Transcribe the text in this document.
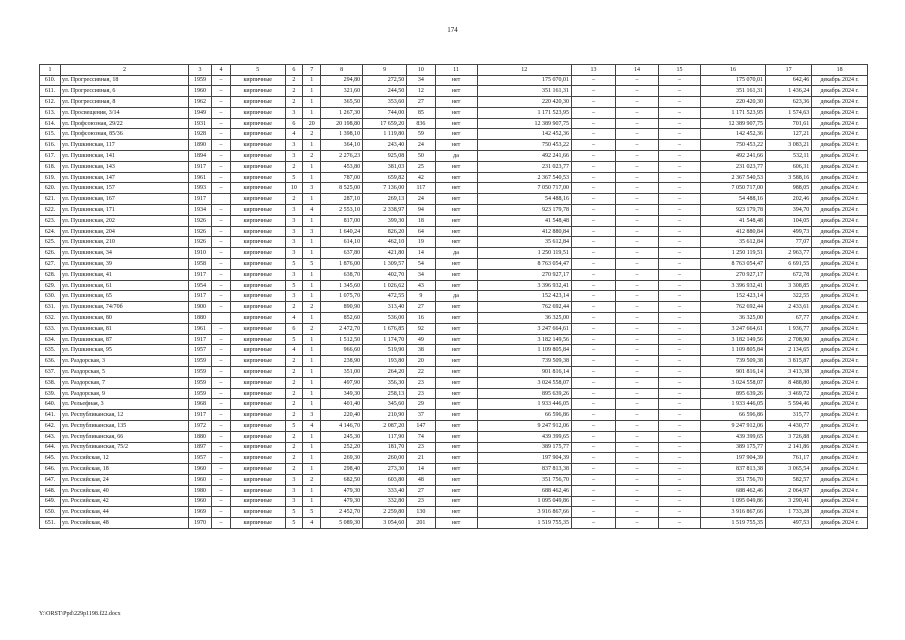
174
1	2	3	4	5	6	7	8	9	10	11	12	13	14	15	16	17	18
610.	ул. Прогрессивная, 18	1959	–	кирпичные	2	1	294,80	272,50	34	нет	175 070,01	–	–	–	175 070,01	642,46	декабрь 2024 г.
611.	ул. Прогрессивная, 6	1960	–	кирпичные	2	1	321,60	244,50	12	нет	351 161,31	–	–	–	351 161,31	1 436,24	декабрь 2024 г.
612.	ул. Прогрессивная, 8	1962	–	кирпичные	2	1	365,50	353,60	27	нет	220 420,30	–	–	–	220 420,30	623,36	декабрь 2024 г.
613.	ул. Просвещения, 3/14	1949	–	кирпичные	3	1	1 267,30	744,00	85	нет	1 171 523,95	–	–	–	1 171 523,95	1 574,63	декабрь 2024 г.
614.	ул. Профсоюзная, 29/22	1931	–	кирпичные	6	20	20 198,80	17 659,20	836	нет	12 389 907,75	–	–	–	12 389 907,75	701,61	декабрь 2024 г.
615.	ул. Профсоюзная, 85/36	1928	–	кирпичные	4	2	1 398,10	1 119,80	59	нет	142 452,36	–	–	–	142 452,36	127,21	декабрь 2024 г.
616.	ул. Пушкинская, 117	1890	–	кирпичные	3	1	364,10	243,40	24	нет	750 453,22	–	–	–	750 453,22	3 083,21	декабрь 2024 г.
617.	ул. Пушкинская, 141	1894	–	кирпичные	3	2	2 276,23	925,08	50	да	492 241,66	–	–	–	492 241,66	532,11	декабрь 2024 г.
618.	ул. Пушкинская, 143	1917	–	кирпичные	2	1	453,80	381,03	25	нет	231 023,77	–	–	–	231 023,77	606,31	декабрь 2024 г.
619.	ул. Пушкинская, 147	1961	–	кирпичные	5	1	787,00	659,82	42	нет	2 367 540,53	–	–	–	2 367 540,53	3 588,16	декабрь 2024 г.
620.	ул. Пушкинская, 157	1993	–	кирпичные	10	3	8 525,00	7 136,00	117	нет	7 050 717,00	–	–	–	7 050 717,00	988,05	декабрь 2024 г.
621.	ул. Пушкинская, 167	1917		кирпичные	2	1	287,10	269,13	24	нет	54 488,16	–	–	–	54 488,16	202,46	декабрь 2024 г.
622.	ул. Пушкинская, 171	1934	–	кирпичные	3	4	2 553,10	2 338,97	94	нет	923 179,78	–	–	–	923 179,78	394,70	декабрь 2024 г.
623.	ул. Пушкинская, 202	1926	–	кирпичные	3	1	817,00	399,30	18	нет	41 548,48	–	–	–	41 548,48	104,05	декабрь 2024 г.
624.	ул. Пушкинская, 204	1926	–	кирпичные	3	3	1 640,24	826,20	64	нет	412 880,84	–	–	–	412 880,84	499,73	декабрь 2024 г.
625.	ул. Пушкинская, 210	1926	–	кирпичные	3	1	614,10	462,10	19	нет	35 612,84	–	–	–	35 612,84	77,07	декабрь 2024 г.
626.	ул. Пушкинская, 34	1910	–	кирпичные	3	1	637,80	421,80	14	да	1 250 119,51	–	–	–	1 250 119,51	2 963,77	декабрь 2024 г.
627.	ул. Пушкинская, 39	1958	–	кирпичные	5	5	1 876,00	1 309,57	54	нет	8 763 054,47	–	–	–	8 763 054,47	6 691,55	декабрь 2024 г.
628.	ул. Пушкинская, 41	1917	–	кирпичные	3	1	638,70	402,70	34	нет	270 927,17	–	–	–	270 927,17	672,78	декабрь 2024 г.
629.	ул. Пушкинская, 61	1954	–	кирпичные	5	1	1 345,60	1 026,62	43	нет	3 396 932,41	–	–	–	3 396 932,41	3 308,85	декабрь 2024 г.
630.	ул. Пушкинская, 65	1917	–	кирпичные	3	1	1 075,70	472,55	9	да	152 423,14	–	–	–	152 423,14	322,55	декабрь 2024 г.
631.	ул. Пушкинская, 74/70б	1900	–	кирпичные	2	2	890,90	313,40	27	нет	762 692,44	–	–	–	762 692,44	2 433,61	декабрь 2024 г.
632.	ул. Пушкинская, 80	1880		кирпичные	4	1	852,60	536,00	16	нет	36 325,00	–	–	–	36 325,00	67,77	декабрь 2024 г.
633.	ул. Пушкинская, 81	1961	–	кирпичные	6	2	2 472,70	1 676,85	92	нет	3 247 664,61	–	–	–	3 247 664,61	1 936,77	декабрь 2024 г.
634.	ул. Пушкинская, 87	1917	–	кирпичные	5	1	1 512,50	1 174,70	49	нет	3 182 149,56	–	–	–	3 182 149,56	2 708,90	декабрь 2024 г.
635.	ул. Пушкинская, 95	1957	–	кирпичные	4	1	966,60	519,90	38	нет	1 109 805,84	–	–	–	1 109 805,84	2 134,65	декабрь 2024 г.
636.	ул. Раздорская, 3	1959	–	кирпичные	2	1	238,90	193,80	20	нет	739 509,38	–	–	–	739 509,38	3 815,87	декабрь 2024 г.
637.	ул. Раздорская, 5	1959	–	кирпичные	2	1	351,00	264,20	22	нет	901 816,14	–	–	–	901 816,14	3 413,38	декабрь 2024 г.
638.	ул. Раздорская, 7	1959	–	кирпичные	2	1	497,90	356,30	23	нет	3 024 558,07	–	–	–	3 024 558,07	8 488,80	декабрь 2024 г.
639.	ул. Раздорская, 9	1959	–	кирпичные	2	1	349,30	258,13	23	нет	895 639,26	–	–	–	895 639,26	3 469,72	декабрь 2024 г.
640.	ул. Рельефная, 3	1968	–	кирпичные	2	1	401,40	345,60	29	нет	1 933 446,05	–	–	–	1 933 446,05	5 594,46	декабрь 2024 г.
641.	ул. Республиканская, 12	1917	–	кирпичные	2	3	220,40	210,90	37	нет	66 596,86	–	–	–	66 596,86	315,77	декабрь 2024 г.
642.	ул. Республиканская, 135	1972	–	кирпичные	5	4	4 146,70	2 087,20	147	нет	9 247 912,06	–	–	–	9 247 912,06	4 430,77	декабрь 2024 г.
643.	ул. Республиканская, 66	1880	–	кирпичные	2	1	245,30	117,90	74	нет	439 399,65	–	–	–	439 399,65	3 726,88	декабрь 2024 г.
644.	ул. Республиканская, 75/2	1897	–	кирпичные	2	1	252,20	181,70	23	нет	389 175,77	–	–	–	389 175,77	2 141,86	декабрь 2024 г.
645.	ул. Российская, 12	1957	–	кирпичные	2	1	269,30	260,00	21	нет	197 904,39	–	–	–	197 904,39	761,17	декабрь 2024 г.
646.	ул. Российская, 18	1960	–	кирпичные	2	1	298,40	273,30	14	нет	837 813,38	–	–	–	837 813,38	3 065,54	декабрь 2024 г.
647.	ул. Российская, 24	1960	–	кирпичные	3	2	682,50	603,80	48	нет	351 756,70	–	–	–	351 756,70	582,57	декабрь 2024 г.
648.	ул. Российская, 40	1980	–	кирпичные	3	1	479,30	333,40	27	нет	688 462,46	–	–	–	688 462,46	2 064,97	декабрь 2024 г.
649.	ул. Российская, 42	1960	–	кирпичные	3	1	479,30	332,80	23	нет	1 095 049,86	–	–	–	1 095 049,86	3 290,41	декабрь 2024 г.
650.	ул. Российская, 44	1969	–	кирпичные	5	5	2 452,70	2 259,80	130	нет	3 916 867,66	–	–	–	3 916 867,66	1 733,28	декабрь 2024 г.
651.	ул. Российская, 48	1970	–	кирпичные	5	4	5 089,30	3 054,60	201	нет	1 519 755,35	–	–	–	1 519 755,35	497,53	декабрь 2024 г.
Y:\ORST\Ppd\229p1198.f22.docx
